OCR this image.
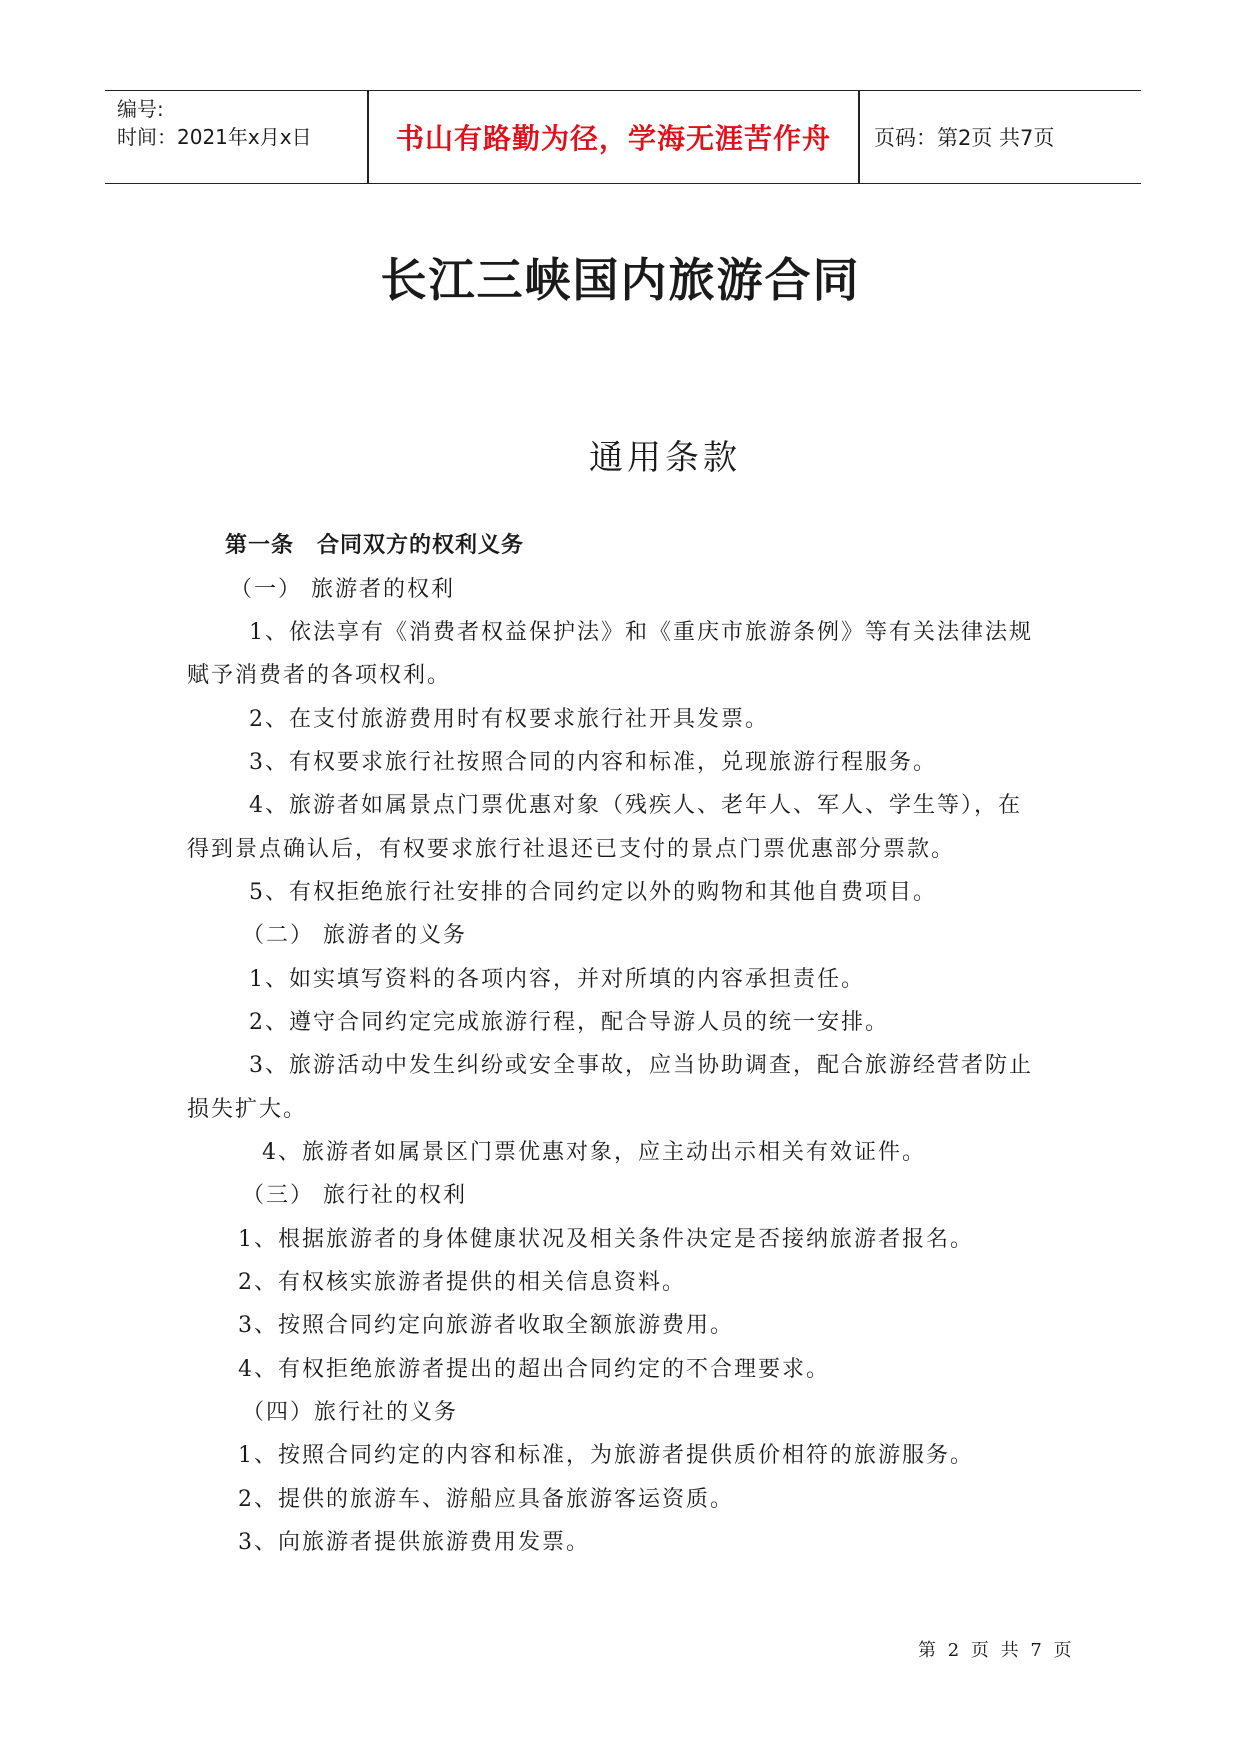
编号:
时间：2021年x月x日	书山有路勤为径，学海无涯苦作舟	页码：第2页 共7页
长江三峡国内旅游合同
通用条款
第一条　合同双方的权利义务
（一） 旅游者的权利
1、依法享有《消费者权益保护法》和《重庆市旅游条例》等有关法律法规
赋予消费者的各项权利。
2、在支付旅游费用时有权要求旅行社开具发票。
3、有权要求旅行社按照合同的内容和标准，兑现旅游行程服务。
4、旅游者如属景点门票优惠对象（残疾人、老年人、军人、学生等），在
得到景点确认后，有权要求旅行社退还已支付的景点门票优惠部分票款。
5、有权拒绝旅行社安排的合同约定以外的购物和其他自费项目。
（二） 旅游者的义务
1、如实填写资料的各项内容，并对所填的内容承担责任。
2、遵守合同约定完成旅游行程，配合导游人员的统一安排。
3、旅游活动中发生纠纷或安全事故，应当协助调查，配合旅游经营者防止
损失扩大。
4、旅游者如属景区门票优惠对象，应主动出示相关有效证件。
（三） 旅行社的权利
1、根据旅游者的身体健康状况及相关条件决定是否接纳旅游者报名。
2、有权核实旅游者提供的相关信息资料。
3、按照合同约定向旅游者收取全额旅游费用。
4、有权拒绝旅游者提出的超出合同约定的不合理要求。
（四）旅行社的义务
1、按照合同约定的内容和标准，为旅游者提供质价相符的旅游服务。
2、提供的旅游车、游船应具备旅游客运资质。
3、向旅游者提供旅游费用发票。
第 2 页 共 7 页
